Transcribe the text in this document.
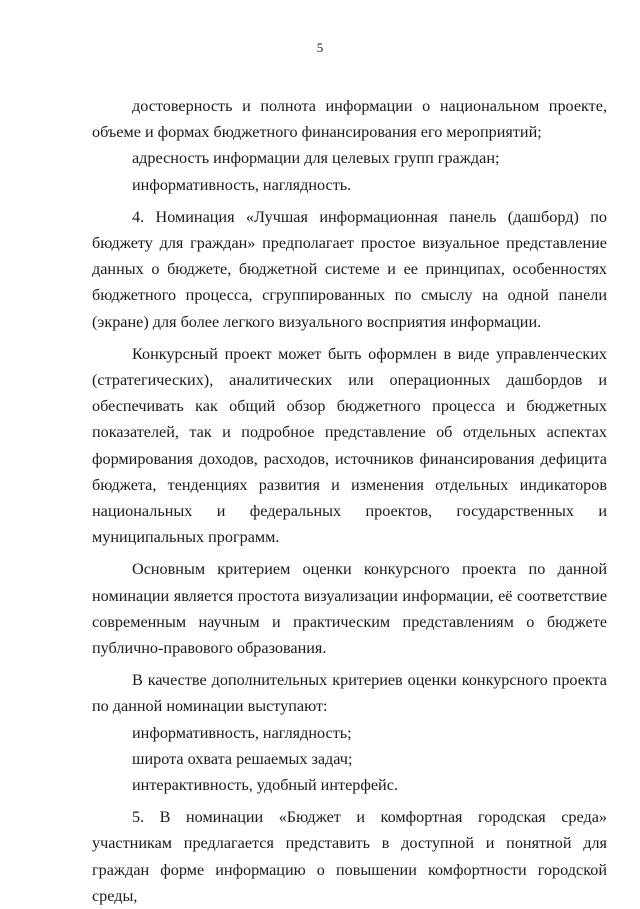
5

достоверность и полнота информации о национальном проекте, объеме и формах бюджетного финансирования его мероприятий;

адресность информации для целевых групп граждан;

информативность, наглядность.

4. Номинация «Лучшая информационная панель (дашборд) по бюджету для граждан» предполагает простое визуальное представление данных о бюджете, бюджетной системе и ее принципах, особенностях бюджетного процесса, сгруппированных по смыслу на одной панели (экране) для более легкого визуального восприятия информации.

Конкурсный проект может быть оформлен в виде управленческих (стратегических), аналитических или операционных дашбордов и обеспечивать как общий обзор бюджетного процесса и бюджетных показателей, так и подробное представление об отдельных аспектах формирования доходов, расходов, источников финансирования дефицита бюджета, тенденциях развития и изменения отдельных индикаторов национальных и федеральных проектов, государственных и муниципальных программ.

Основным критерием оценки конкурсного проекта по данной номинации является простота визуализации информации, её соответствие современным научным и практическим представлениям о бюджете публично-правового образования.

В качестве дополнительных критериев оценки конкурсного проекта по данной номинации выступают:

информативность, наглядность;

широта охвата решаемых задач;

интерактивность, удобный интерфейс.

5. В номинации «Бюджет и комфортная городская среда» участникам предлагается представить в доступной и понятной для граждан форме информацию о повышении комфортности городской среды,
